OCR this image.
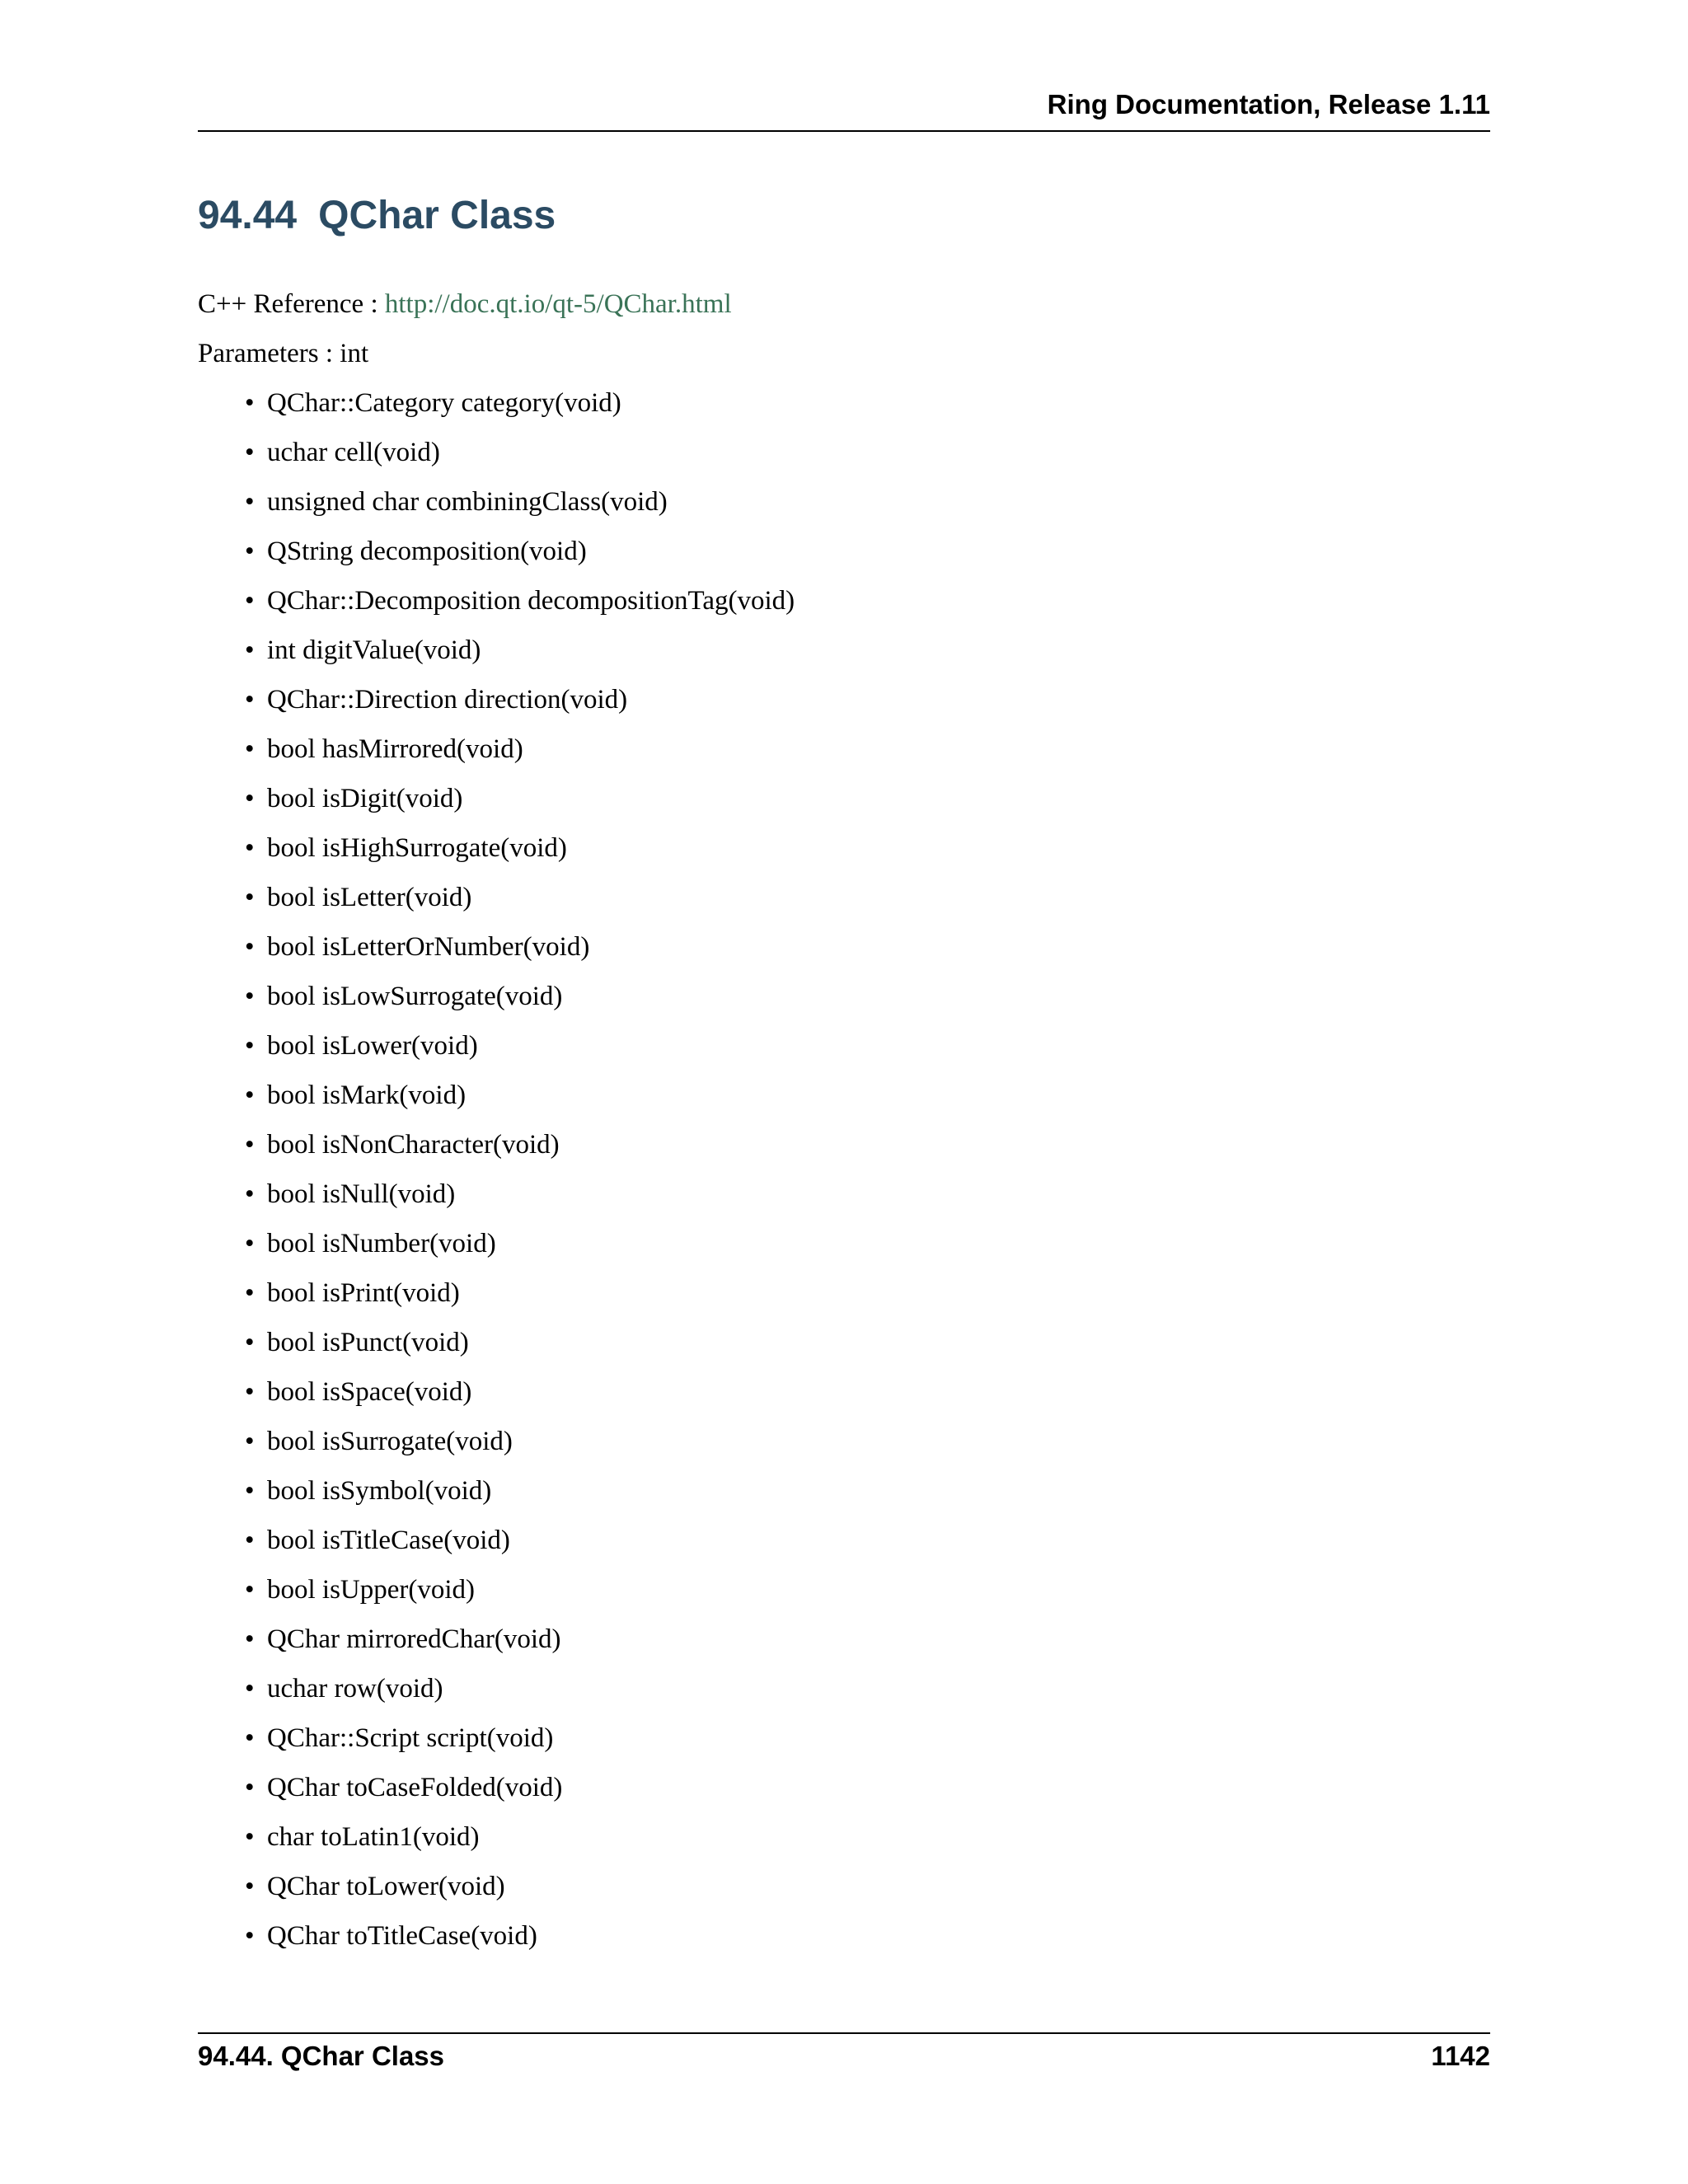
Ring Documentation, Release 1.11
94.44 QChar Class
C++ Reference : http://doc.qt.io/qt-5/QChar.html
Parameters : int
• QChar::Category category(void)
• uchar cell(void)
• unsigned char combiningClass(void)
• QString decomposition(void)
• QChar::Decomposition decompositionTag(void)
• int digitValue(void)
• QChar::Direction direction(void)
• bool hasMirrored(void)
• bool isDigit(void)
• bool isHighSurrogate(void)
• bool isLetter(void)
• bool isLetterOrNumber(void)
• bool isLowSurrogate(void)
• bool isLower(void)
• bool isMark(void)
• bool isNonCharacter(void)
• bool isNull(void)
• bool isNumber(void)
• bool isPrint(void)
• bool isPunct(void)
• bool isSpace(void)
• bool isSurrogate(void)
• bool isSymbol(void)
• bool isTitleCase(void)
• bool isUpper(void)
• QChar mirroredChar(void)
• uchar row(void)
• QChar::Script script(void)
• QChar toCaseFolded(void)
• char toLatin1(void)
• QChar toLower(void)
• QChar toTitleCase(void)
94.44. QChar Class	1142
